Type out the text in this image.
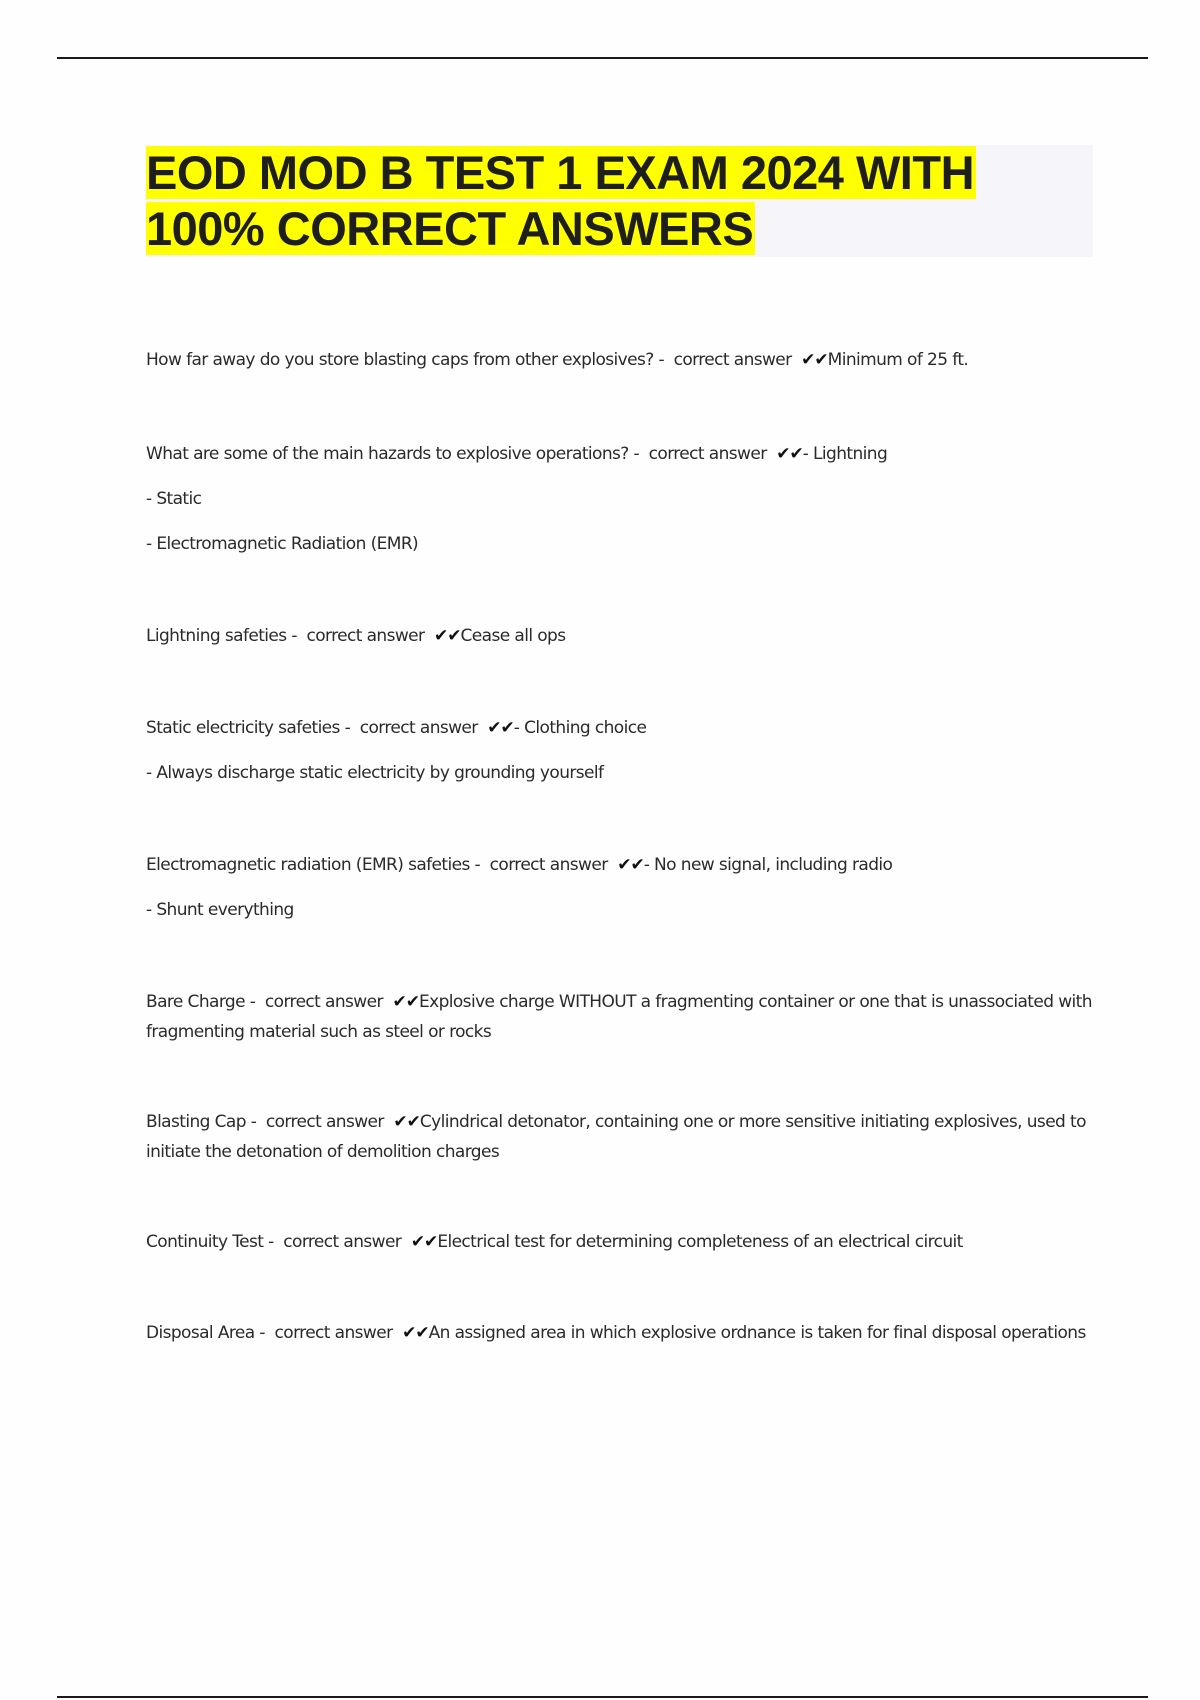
EOD MOD B TEST 1 EXAM 2024 WITH
100% CORRECT ANSWERS

How far away do you store blasting caps from other explosives? - correct answer ✔✔Minimum of 25 ft.

What are some of the main hazards to explosive operations? - correct answer ✔✔- Lightning

- Static

- Electromagnetic Radiation (EMR)

Lightning safeties - correct answer ✔✔Cease all ops

Static electricity safeties - correct answer ✔✔- Clothing choice

- Always discharge static electricity by grounding yourself

Electromagnetic radiation (EMR) safeties - correct answer ✔✔- No new signal, including radio

- Shunt everything

Bare Charge - correct answer ✔✔Explosive charge WITHOUT a fragmenting container or one that is unassociated with fragmenting material such as steel or rocks

Blasting Cap - correct answer ✔✔Cylindrical detonator, containing one or more sensitive initiating explosives, used to initiate the detonation of demolition charges

Continuity Test - correct answer ✔✔Electrical test for determining completeness of an electrical circuit

Disposal Area - correct answer ✔✔An assigned area in which explosive ordnance is taken for final disposal operations
